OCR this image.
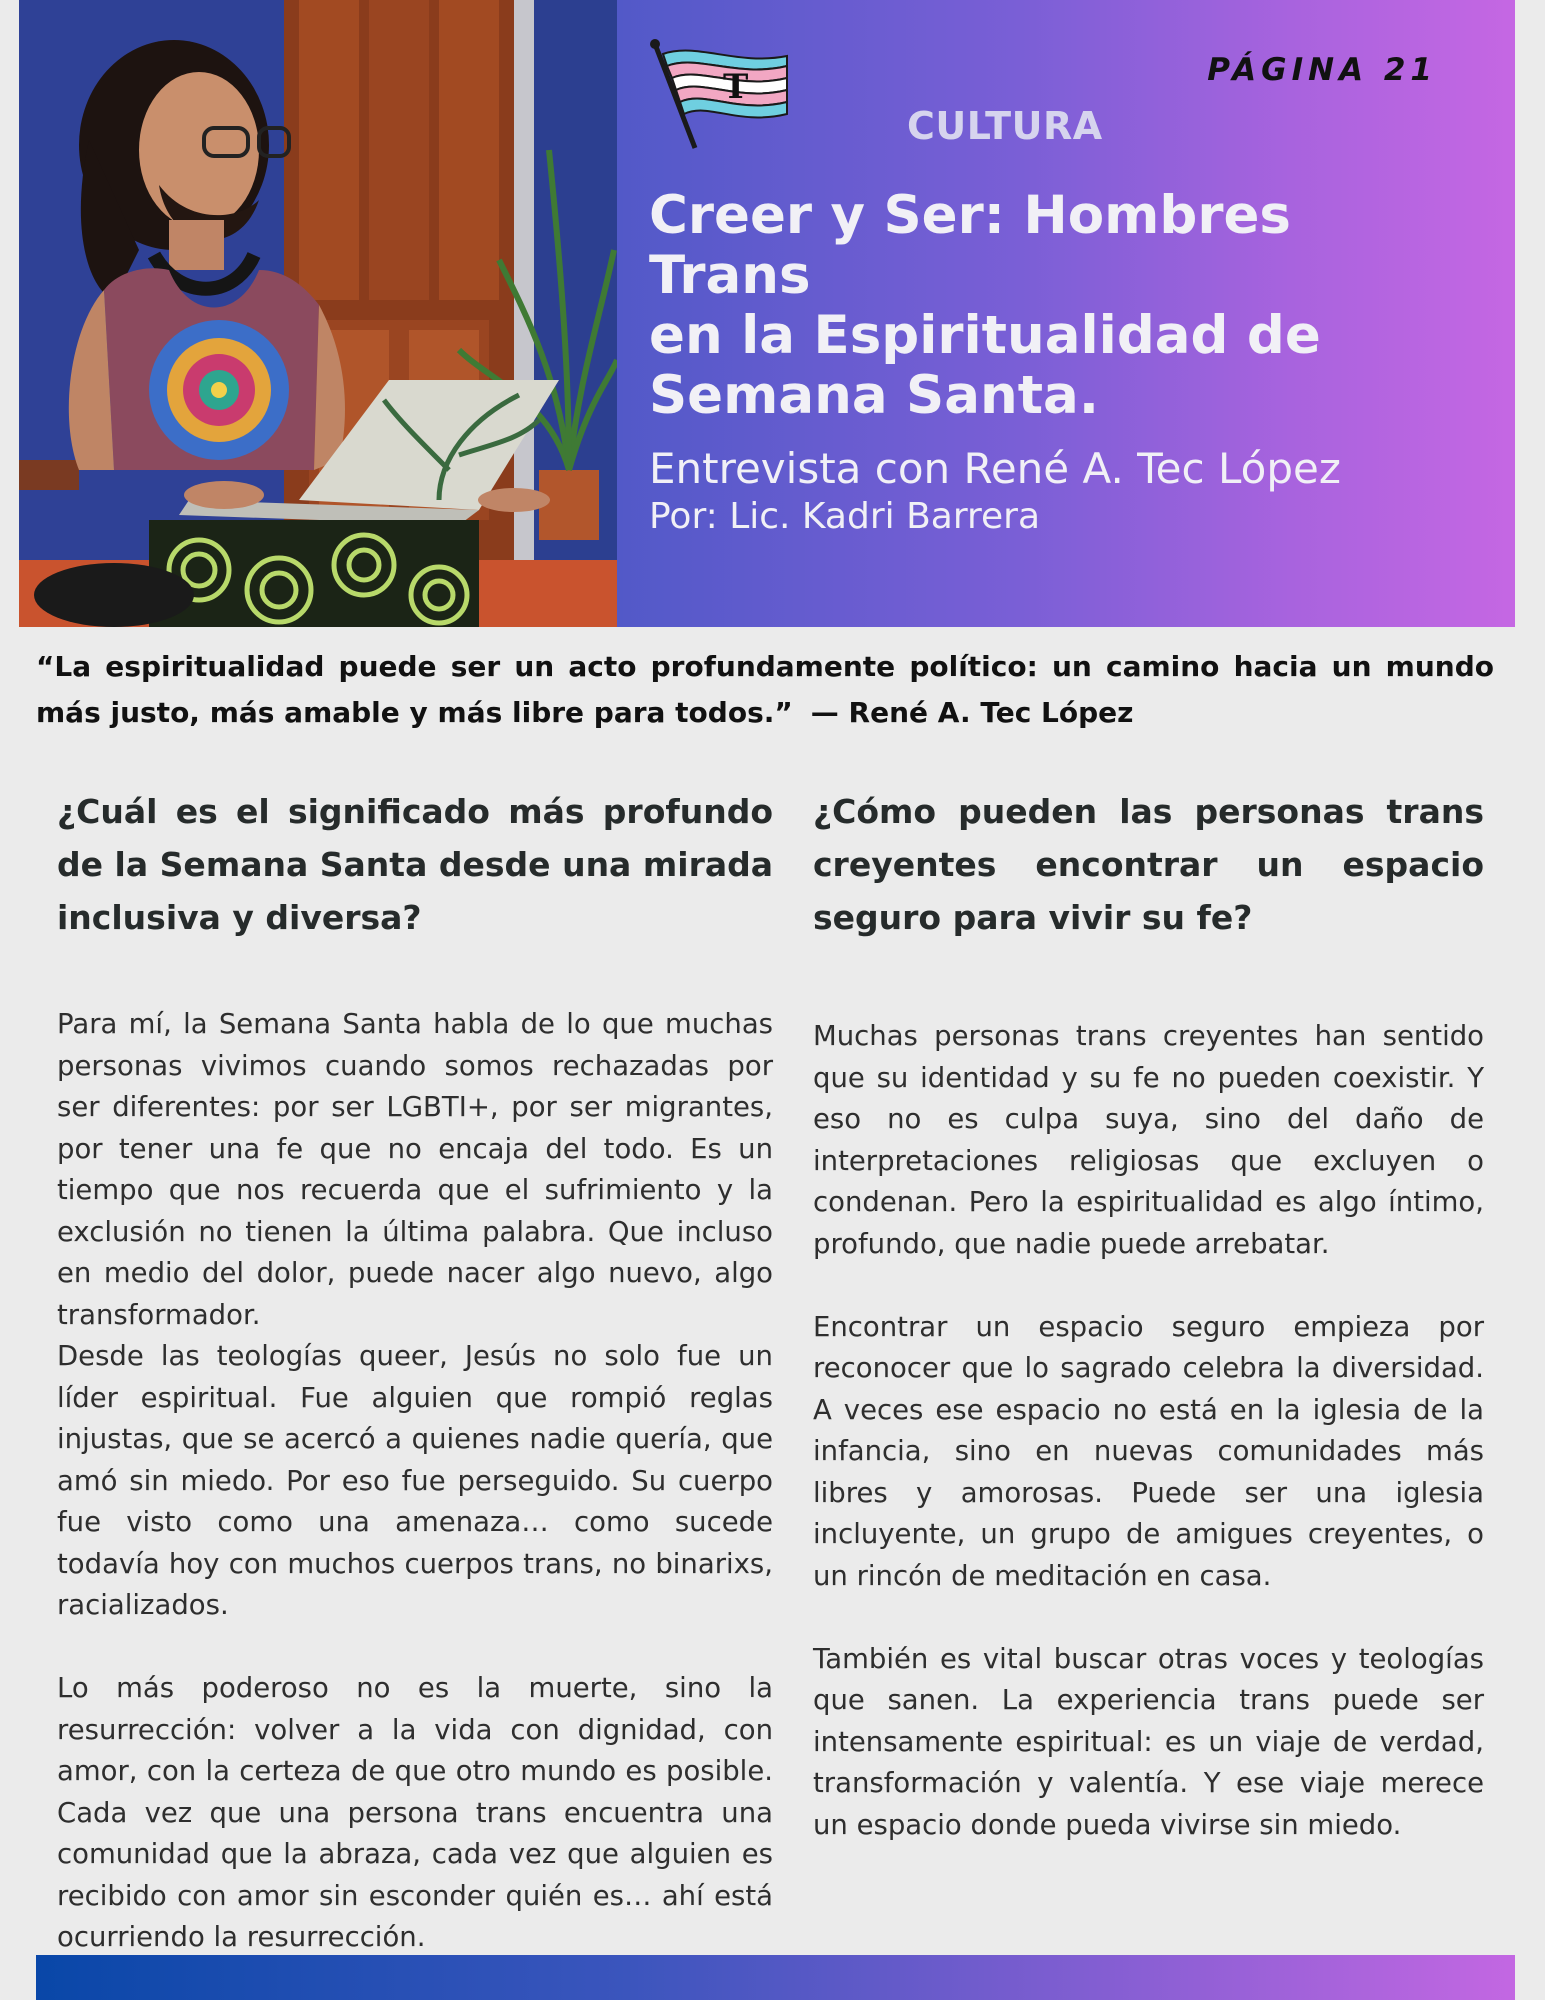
T	PÁGINA 21
CULTURA
Creer y Ser: Hombres Trans
en la Espiritualidad de
Semana Santa.

Entrevista con René A. Tec López

Por: Lic. Kadri Barrera

“La espiritualidad puede ser un acto profundamente político: un camino hacia un mundo más justo, más amable y más libre para todos.” — René A. Tec López

¿Cuál es el significado más profundo de la Semana Santa desde una mirada inclusiva y diversa?

Para mí, la Semana Santa habla de lo que muchas personas vivimos cuando somos rechazadas por ser diferentes: por ser LGBTI+, por ser migrantes, por tener una fe que no encaja del todo. Es un tiempo que nos recuerda que el sufrimiento y la exclusión no tienen la última palabra. Que incluso en medio del dolor, puede nacer algo nuevo, algo transformador.

Desde las teologías queer, Jesús no solo fue un líder espiritual. Fue alguien que rompió reglas injustas, que se acercó a quienes nadie quería, que amó sin miedo. Por eso fue perseguido. Su cuerpo fue visto como una amenaza… como sucede todavía hoy con muchos cuerpos trans, no binarixs, racializados.

Lo más poderoso no es la muerte, sino la resurrección: volver a la vida con dignidad, con amor, con la certeza de que otro mundo es posible. Cada vez que una persona trans encuentra una comunidad que la abraza, cada vez que alguien es recibido con amor sin esconder quién es… ahí está ocurriendo la resurrección.

¿Cómo pueden las personas trans creyentes encontrar un espacio seguro para vivir su fe?

Muchas personas trans creyentes han sentido que su identidad y su fe no pueden coexistir. Y eso no es culpa suya, sino del daño de interpretaciones religiosas que excluyen o condenan. Pero la espiritualidad es algo íntimo, profundo, que nadie puede arrebatar.

Encontrar un espacio seguro empieza por reconocer que lo sagrado celebra la diversidad. A veces ese espacio no está en la iglesia de la infancia, sino en nuevas comunidades más libres y amorosas. Puede ser una iglesia incluyente, un grupo de amigues creyentes, o un rincón de meditación en casa.

También es vital buscar otras voces y teologías que sanen. La experiencia trans puede ser intensamente espiritual: es un viaje de verdad, transformación y valentía. Y ese viaje merece un espacio donde pueda vivirse sin miedo.
